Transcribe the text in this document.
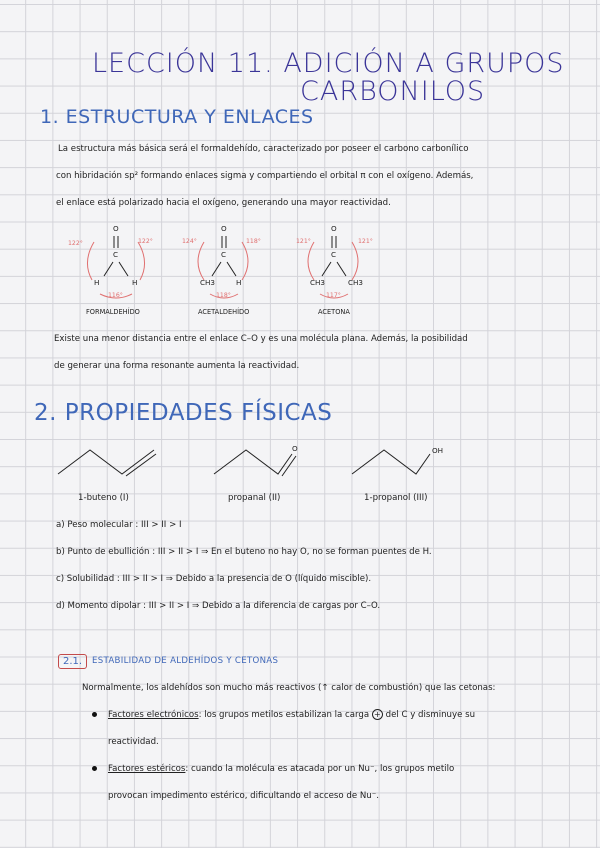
LECCIÓN 11. ADICIÓN A GRUPOS
CARBONILOS
1. ESTRUCTURA Y ENLACES
La estructura más básica será el formaldehído, caracterizado por poseer el carbono carbonílico
con hibridación sp² formando enlaces sigma y compartiendo el orbital π con el oxígeno. Además,
el enlace está polarizado hacia el oxígeno, generando una mayor reactividad.
O
C
H	H
122°	122°
116°
FORMALDEHÍDO
O
C
CH3	H
124°	118°
118°
ACETALDEHÍDO
O
C
CH3	CH3
121°	121°
117°
ACETONA
Existe una menor distancia entre el enlace C–O y es una molécula plana. Además, la posibilidad
de generar una forma resonante aumenta la reactividad.
2. PROPIEDADES FÍSICAS
O	OH
1-buteno (I)	propanal (II)	1-propanol (III)
a) Peso molecular : III > II > I
b) Punto de ebullición : III > II > I ⇒ En el buteno no hay O, no se forman puentes de H.
c) Solubilidad : III > II > I ⇒ Debido a la presencia de O (líquido miscible).
d) Momento dipolar : III > II > I ⇒ Debido a la diferencia de cargas por C–O.
2.1.	ESTABILIDAD DE ALDEHÍDOS Y CETONAS
Normalmente, los aldehídos son mucho más reactivos (↑ calor de combustión) que las cetonas:
Factores electrónicos: los grupos metilos estabilizan la carga + del C y disminuye su
reactividad.
Factores estéricos: cuando la molécula es atacada por un Nu⁻, los grupos metilo
provocan impedimento estérico, dificultando el acceso de Nu⁻.
